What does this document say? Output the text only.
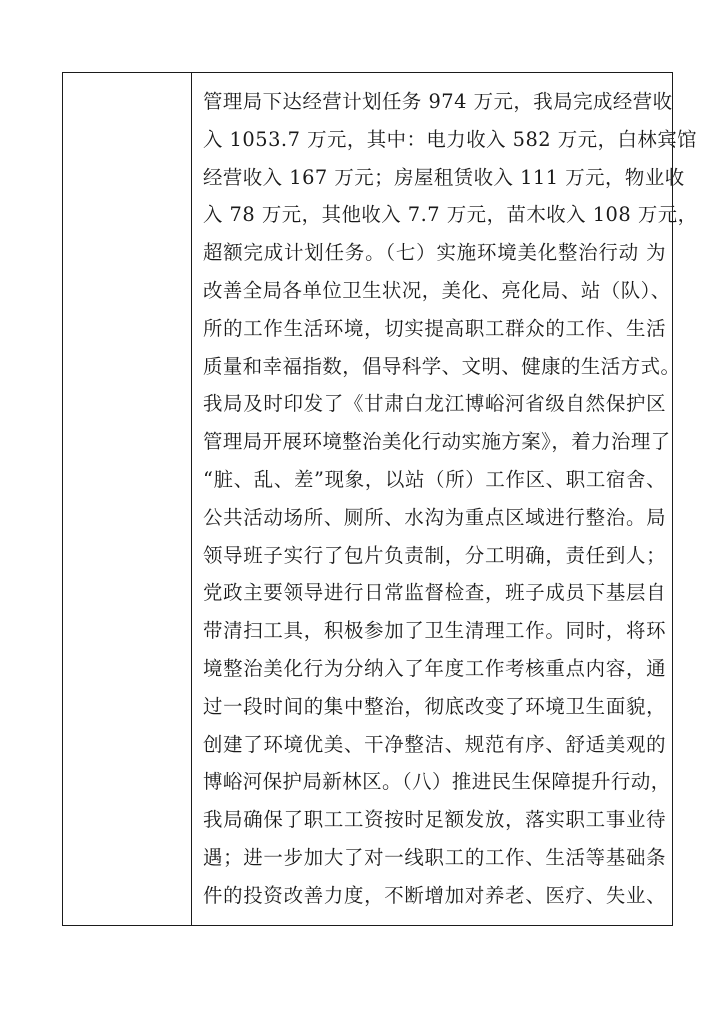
管理局下达经营计划任务 974 万元，我局完成经营收
入 1053.7 万元，其中：电力收入 582 万元，白林宾馆
经营收入 167 万元；房屋租赁收入 111 万元，物业收
入 78 万元，其他收入 7.7 万元，苗木收入 108 万元，
超额完成计划任务。（七）实施环境美化整治行动 为
改善全局各单位卫生状况，美化、亮化局、站（队）、
所的工作生活环境，切实提高职工群众的工作、生活
质量和幸福指数，倡导科学、文明、健康的生活方式。
我局及时印发了《甘肃白龙江博峪河省级自然保护区
管理局开展环境整治美化行动实施方案》，着力治理了
“脏、乱、差”现象，以站（所）工作区、职工宿舍、
公共活动场所、厕所、水沟为重点区域进行整治。局
领导班子实行了包片负责制，分工明确，责任到人；
党政主要领导进行日常监督检查，班子成员下基层自
带清扫工具，积极参加了卫生清理工作。同时，将环
境整治美化行为分纳入了年度工作考核重点内容，通
过一段时间的集中整治，彻底改变了环境卫生面貌，
创建了环境优美、干净整洁、规范有序、舒适美观的
博峪河保护局新林区。（八）推进民生保障提升行动，
我局确保了职工工资按时足额发放，落实职工事业待
遇；进一步加大了对一线职工的工作、生活等基础条
件的投资改善力度，不断增加对养老、医疗、失业、
